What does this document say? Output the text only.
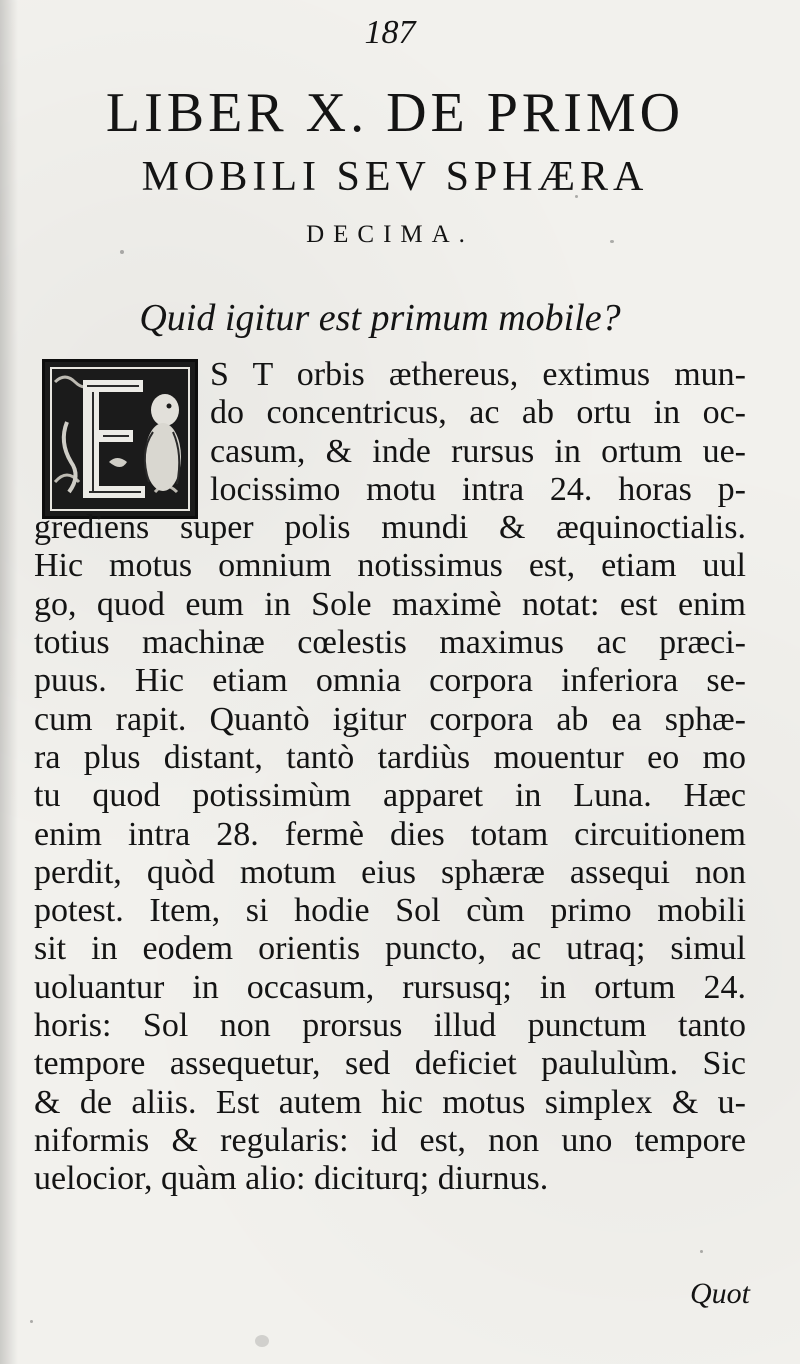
187
LIBER X. DE PRIMO
MOBILI SEV SPHÆRA
DECIMA.
Quid igitur est primum mobile?
S T orbis æthereus, extimus mun-
do concentricus, ac ab ortu in oc-
casum, & inde rursus in ortum ue-
locissimo motu intra 24. horas p-
grediens super polis mundi & æquinoctialis.
Hic motus omnium notissimus est, etiam uul
go, quod eum in Sole maximè notat: est enim
totius machinæ cœlestis maximus ac præci-
puus. Hic etiam omnia corpora inferiora se-
cum rapit. Quantò igitur corpora ab ea sphæ-
ra plus distant, tantò tardiùs mouentur eo mo
tu quod potissimùm apparet in Luna. Hæc
enim intra 28. fermè dies totam circuitionem
perdit, quòd motum eius sphæræ assequi non
potest. Item, si hodie Sol cùm primo mobili
sit in eodem orientis puncto, ac utraq; simul
uoluantur in occasum, rursusq; in ortum 24.
horis: Sol non prorsus illud punctum tanto
tempore assequetur, sed deficiet paululùm. Sic
& de aliis. Est autem hic motus simplex & u-
niformis & regularis: id est, non uno tempore
uelocior, quàm alio: diciturq; diurnus.
Quot
